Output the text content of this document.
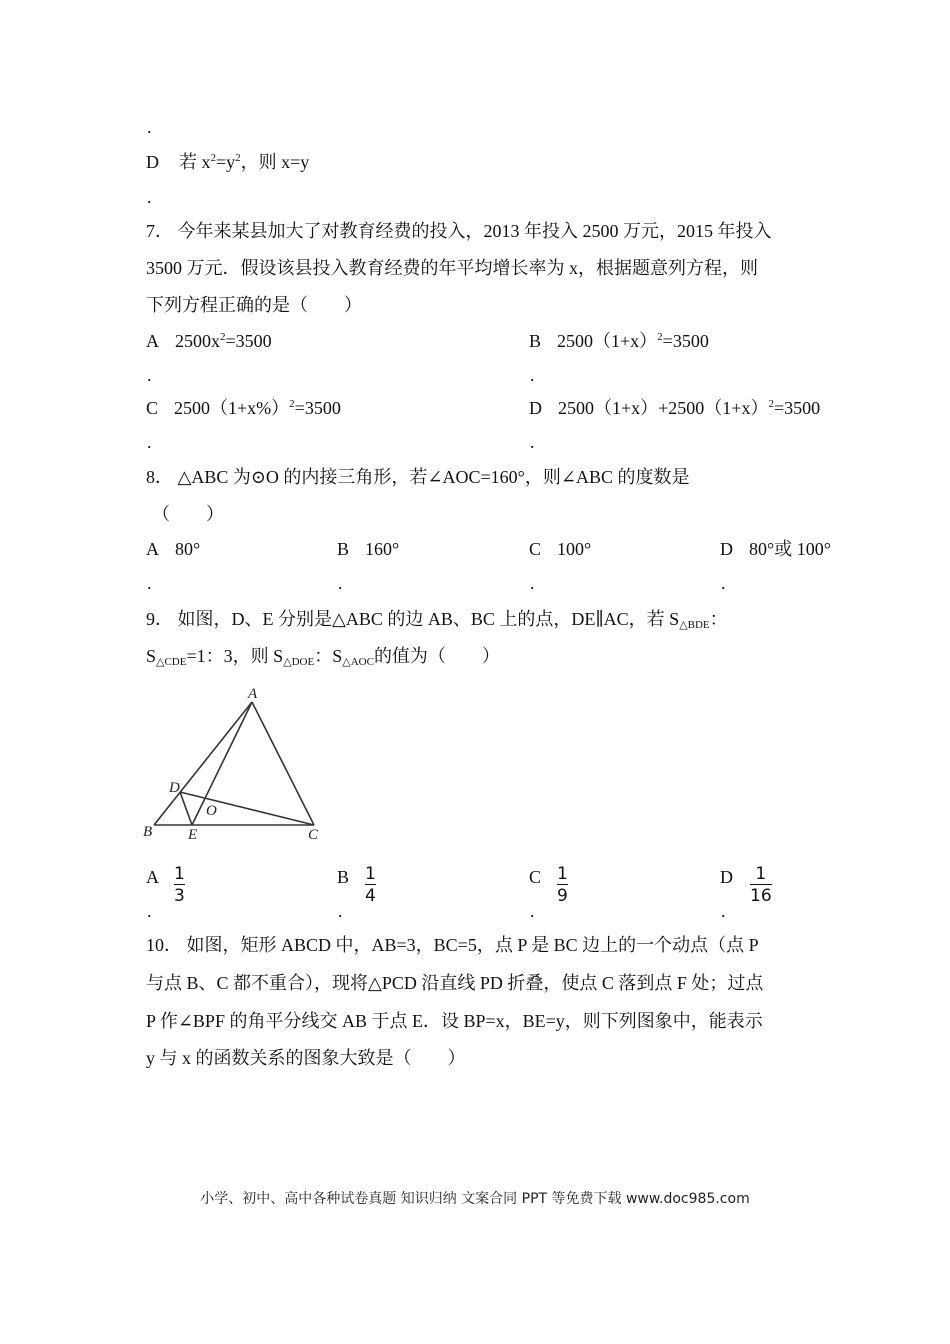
.
D 若 $x^2=y^2$，则 x=y
.
7． 今年来某县加大了对教育经费的投入，2013 年投入 2500 万元，2015 年投入
3500 万元．假设该县投入教育经费的年平均增长率为 x，根据题意列方程，则
下列方程正确的是（　　）
A $2500x^2=3500$
.
B $2500(1+x)^2=3500$
.
C $2500(1+x\%)^2=3500$
.
D $2500(1+x)+2500(1+x)^2=3500$
.
8． △ABC 为⊙O 的内接三角形，若∠AOC=160°，则∠ABC 的度数是
（　　）
A 80°	B 160°	C 100°	D 80°或 100°
.	.	.	.
9． 如图，D、E 分别是△ABC 的边 AB、BC 上的点，DE∥AC，若 $S_{\triangle BDE}$：
$S_{\triangle CDE}=1$：3，则 $S_{\triangle DOE}$：$S_{\triangle AOC}$的值为（　　）
A
D
O
B E	C
A 1
3
B 1
4
C 1
9
D	1
16
.	.	.	.
10． 如图，矩形 ABCD 中，AB=3，BC=5，点 P 是 BC 边上的一个动点（点 P
与点 B、C 都不重合），现将△PCD 沿直线 PD 折叠，使点 C 落到点 F 处；过点
P 作∠BPF 的角平分线交 AB 于点 E．设 BP=x，BE=y，则下列图象中，能表示
y 与 x 的函数关系的图象大致是（　　）
小学、初中、高中各种试卷真题 知识归纳 文案合同 PPT 等免费下载 www.doc985.com
